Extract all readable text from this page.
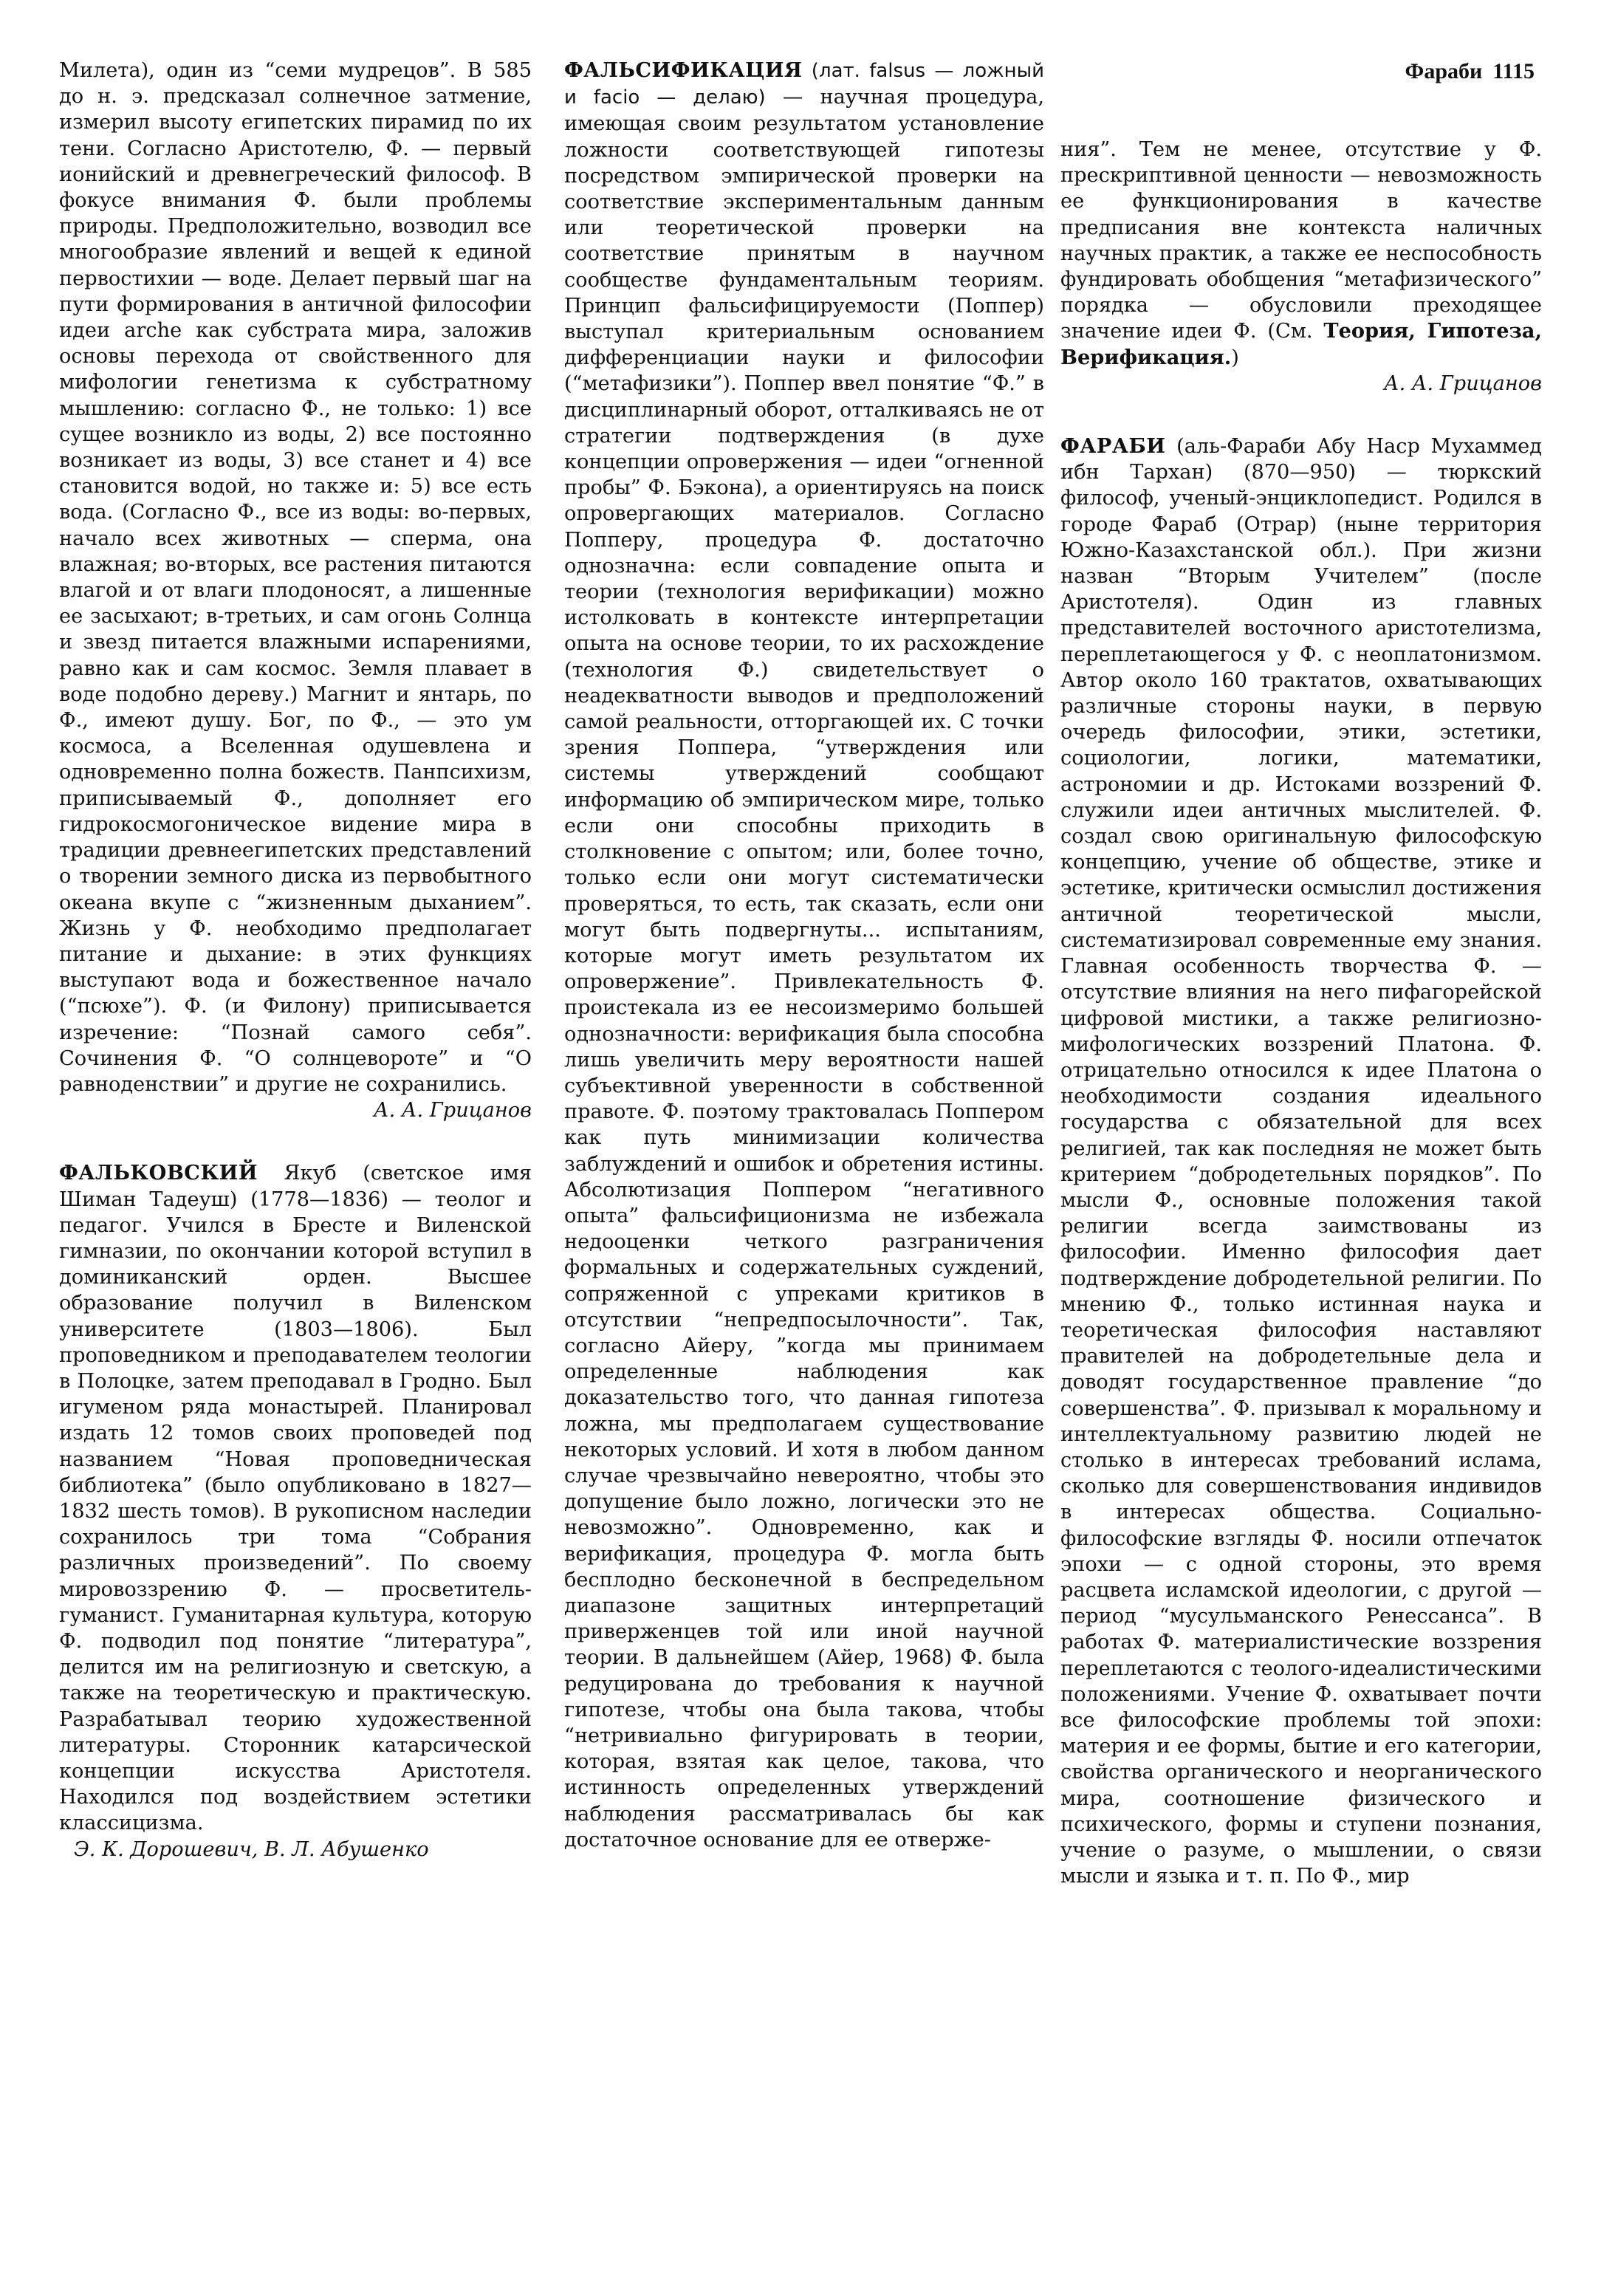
Фараби 1115

Милета), один из “семи мудрецов”. В 585 до н. э. предсказал солнечное затмение, измерил высоту египетских пирамид по их тени. Согласно Аристотелю, Ф. — первый ионийский и древнегреческий философ. В фокусе внимания Ф. были проблемы природы. Предположительно, возводил все многообразие явлений и вещей к единой первостихии — воде. Делает первый шаг на пути формирования в античной философии идеи arche как субстрата мира, заложив основы перехода от свойственного для мифологии генетизма к субстратному мышлению: согласно Ф., не только: 1) все сущее возникло из воды, 2) все постоянно возникает из воды, 3) все станет и 4) все становится водой, но также и: 5) все есть вода. (Согласно Ф., все из воды: во-первых, начало всех животных — сперма, она влажная; во-вторых, все растения питаются влагой и от влаги плодоносят, а лишенные ее засыхают; в-третьих, и сам огонь Солнца и звезд питается влажными испарениями, равно как и сам космос. Земля плавает в воде подобно дереву.) Магнит и янтарь, по Ф., имеют душу. Бог, по Ф., — это ум космоса, а Вселенная одушевлена и одновременно полна божеств. Панпсихизм, приписываемый Ф., дополняет его гидрокосмогоническое видение мира в традиции древнеегипетских представлений о творении земного диска из первобытного океана вкупе с “жизненным дыханием”. Жизнь у Ф. необходимо предполагает питание и дыхание: в этих функциях выступают вода и божественное начало (“псюхе”). Ф. (и Филону) приписывается изречение: “Познай самого себя”. Сочинения Ф. “О солнцевороте” и “О равноденствии” и другие не сохранились.

А. А. Грицанов

ФАЛЬКОВСКИЙ Якуб (светское имя Шиман Тадеуш) (1778—1836) — теолог и педагог. Учился в Бресте и Виленской гимназии, по окончании которой вступил в доминиканский орден. Высшее образование получил в Виленском университете (1803—1806). Был проповедником и преподавателем теологии в Полоцке, затем преподавал в Гродно. Был игуменом ряда монастырей. Планировал издать 12 томов своих проповедей под названием “Новая проповедническая библиотека” (было опубликовано в 1827—1832 шесть томов). В рукописном наследии сохранилось три тома “Собрания различных произведений”. По своему мировоззрению Ф. — просветитель-гуманист. Гуманитарная культура, которую Ф. подводил под понятие “литература”, делится им на религиозную и светскую, а также на теоретическую и практическую. Разрабатывал теорию художественной литературы. Сторонник катарсической концепции искусства Аристотеля. Находился под воздействием эстетики классицизма.

Э. К. Дорошевич, В. Л. Абушенко

ФАЛЬСИФИКАЦИЯ (лат. falsus — ложный и facio — делаю) — научная процедура, имеющая своим результатом установление ложности соответствующей гипотезы посредством эмпирической проверки на соответствие экспериментальным данным или теоретической проверки на соответствие принятым в научном сообществе фундаментальным теориям. Принцип фальсифицируемости (Поппер) выступал критериальным основанием дифференциации науки и философии (“метафизики”). Поппер ввел понятие “Ф.” в дисциплинарный оборот, отталкиваясь не от стратегии подтверждения (в духе концепции опровержения — идеи “огненной пробы” Ф. Бэкона), а ориентируясь на поиск опровергающих материалов. Согласно Попперу, процедура Ф. достаточно однозначна: если совпадение опыта и теории (технология верификации) можно истолковать в контексте интерпретации опыта на основе теории, то их расхождение (технология Ф.) свидетельствует о неадекватности выводов и предположений самой реальности, отторгающей их. С точки зрения Поппера, “утверждения или системы утверждений сообщают информацию об эмпирическом мире, только если они способны приходить в столкновение с опытом; или, более точно, только если они могут систематически проверяться, то есть, так сказать, если они могут быть подвергнуты... испытаниям, которые могут иметь результатом их опровержение”. Привлекательность Ф. проистекала из ее несоизмеримо большей однозначности: верификация была способна лишь увеличить меру вероятности нашей субъективной уверенности в собственной правоте. Ф. поэтому трактовалась Поппером как путь минимизации количества заблуждений и ошибок и обретения истины. Абсолютизация Поппером “негативного опыта” фальсифиционизма не избежала недооценки четкого разграничения формальных и содержательных суждений, сопряженной с упреками критиков в отсутствии “непредпосылочности”. Так, согласно Айеру, ”когда мы принимаем определенные наблюдения как доказательство того, что данная гипотеза ложна, мы предполагаем существование некоторых условий. И хотя в любом данном случае чрезвычайно невероятно, чтобы это допущение было ложно, логически это не невозможно”. Одновременно, как и верификация, процедура Ф. могла быть бесплодно бесконечной в беспредельном диапазоне защитных интерпретаций приверженцев той или иной научной теории. В дальнейшем (Айер, 1968) Ф. была редуцирована до требования к научной гипотезе, чтобы она была такова, чтобы “нетривиально фигурировать в теории, которая, взятая как целое, такова, что истинность определенных утверждений наблюдения рассматривалась бы как достаточное основание для ее отверже-

ния”. Тем не менее, отсутствие у Ф. прескриптивной ценности — невозможность ее функционирования в качестве предписания вне контекста наличных научных практик, а также ее неспособность фундировать обобщения “метафизического” порядка — обусловили преходящее значение идеи Ф. (См. Теория, Гипотеза, Верификация.)

А. А. Грицанов

ФАРАБИ (аль-Фараби Абу Наср Мухаммед ибн Тархан) (870—950) — тюркский философ, ученый-энциклопедист. Родился в городе Фараб (Отрар) (ныне территория Южно-Казахстанской обл.). При жизни назван “Вторым Учителем” (после Аристотеля). Один из главных представителей восточного аристотелизма, переплетающегося у Ф. с неоплатонизмом. Автор около 160 трактатов, охватывающих различные стороны науки, в первую очередь философии, этики, эстетики, социологии, логики, математики, астрономии и др. Истоками воззрений Ф. служили идеи античных мыслителей. Ф. создал свою оригинальную философскую концепцию, учение об обществе, этике и эстетике, критически осмыслил достижения античной теоретической мысли, систематизировал современные ему знания. Главная особенность творчества Ф. — отсутствие влияния на него пифагорейской цифровой мистики, а также религиозно-мифологических воззрений Платона. Ф. отрицательно относился к идее Платона о необходимости создания идеального государства с обязательной для всех религией, так как последняя не может быть критерием “добродетельных порядков”. По мысли Ф., основные положения такой религии всегда заимствованы из философии. Именно философия дает подтверждение добродетельной религии. По мнению Ф., только истинная наука и теоретическая философия наставляют правителей на добродетельные дела и доводят государственное правление “до совершенства”. Ф. призывал к моральному и интеллектуальному развитию людей не столько в интересах требований ислама, сколько для совершенствования индивидов в интересах общества. Социально-философские взгляды Ф. носили отпечаток эпохи — с одной стороны, это время расцвета исламской идеологии, с другой — период “мусульманского Ренессанса”. В работах Ф. материалистические воззрения переплетаются с теолого-идеалистическими положениями. Учение Ф. охватывает почти все философские проблемы той эпохи: материя и ее формы, бытие и его категории, свойства органического и неорганического мира, соотношение физического и психического, формы и ступени познания, учение о разуме, о мышлении, о связи мысли и языка и т. п. По Ф., мир
